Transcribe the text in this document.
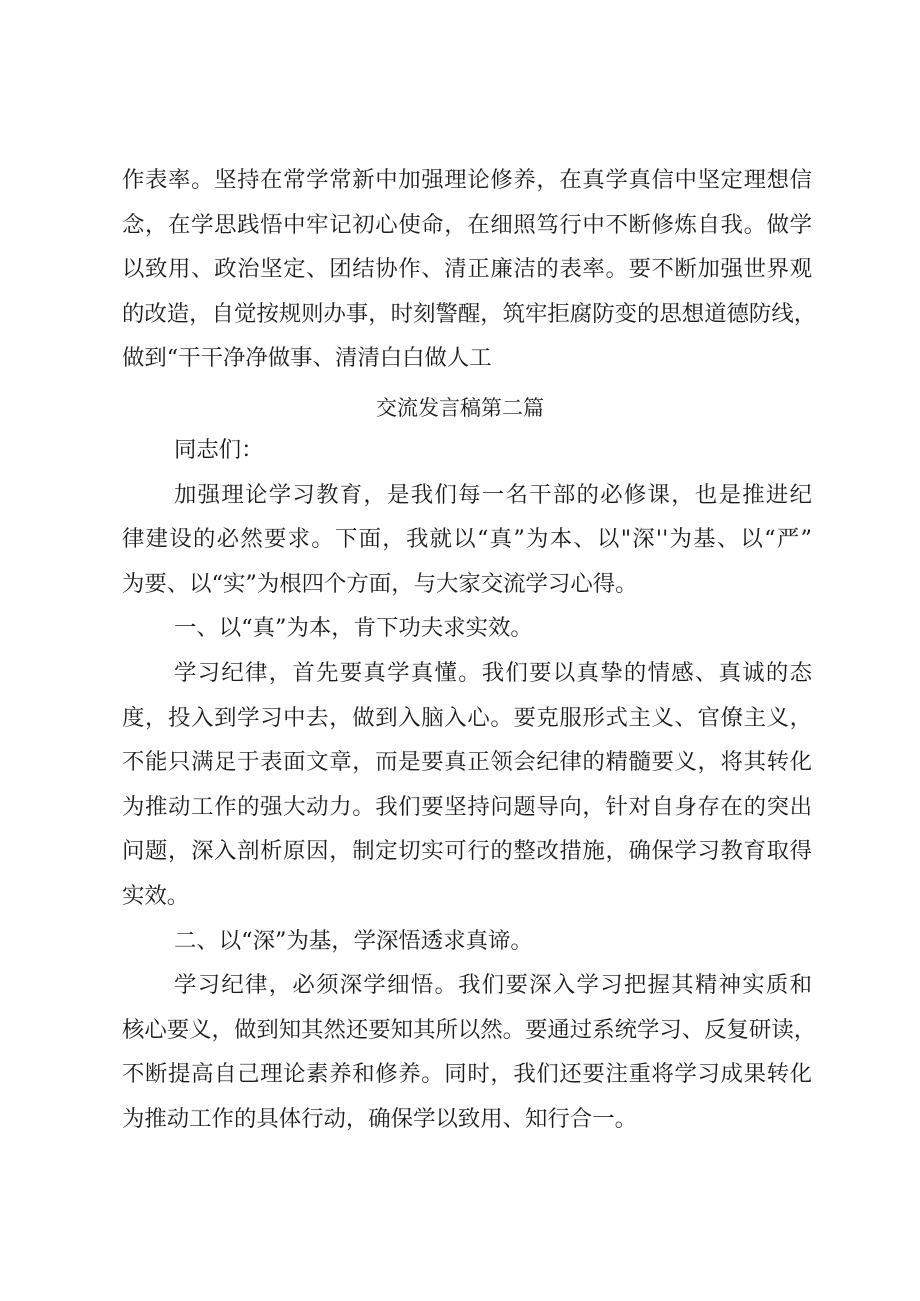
作表率。坚持在常学常新中加强理论修养，在真学真信中坚定理想信
念，在学思践悟中牢记初心使命，在细照笃行中不断修炼自我。做学
以致用、政治坚定、团结协作、清正廉洁的表率。要不断加强世界观
的改造，自觉按规则办事，时刻警醒，筑牢拒腐防变的思想道德防线，
做到“干干净净做事、清清白白做人工
交流发言稿第二篇
同志们：
加强理论学习教育，是我们每一名干部的必修课，也是推进纪
律建设的必然要求。下面，我就以“真”为本、以"深''为基、以“严”
为要、以“实”为根四个方面，与大家交流学习心得。
一、以“真”为本，肯下功夫求实效。
学习纪律，首先要真学真懂。我们要以真挚的情感、真诚的态
度，投入到学习中去，做到入脑入心。要克服形式主义、官僚主义，
不能只满足于表面文章，而是要真正领会纪律的精髓要义，将其转化
为推动工作的强大动力。我们要坚持问题导向，针对自身存在的突出
问题，深入剖析原因，制定切实可行的整改措施，确保学习教育取得
实效。
二、以“深”为基，学深悟透求真谛。
学习纪律，必须深学细悟。我们要深入学习把握其精神实质和
核心要义，做到知其然还要知其所以然。要通过系统学习、反复研读，
不断提高自己理论素养和修养。同时，我们还要注重将学习成果转化
为推动工作的具体行动，确保学以致用、知行合一。
